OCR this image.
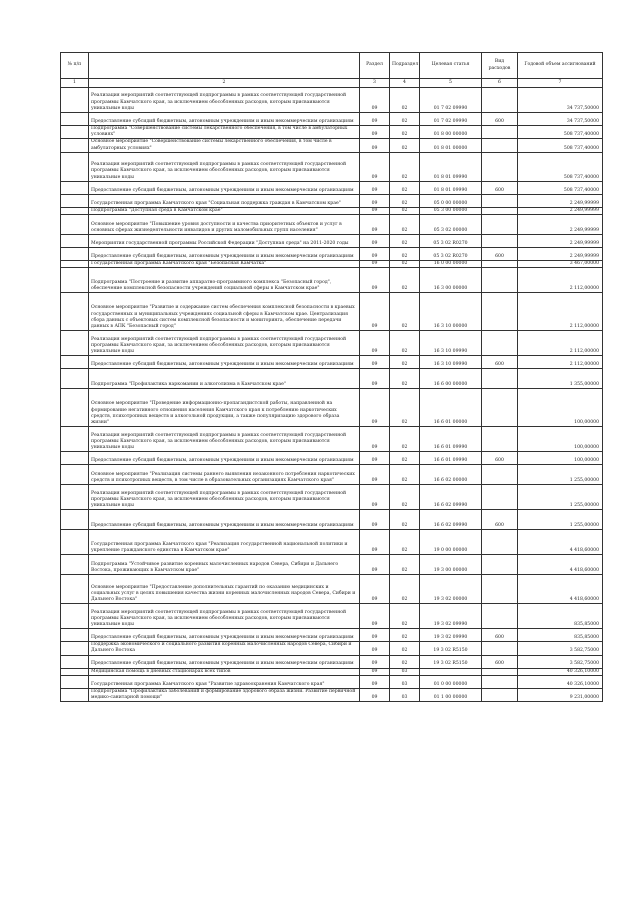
№ п/п		Раздел	Подраздел	Целевая статья	Вид расходов	Годовой объем ассигнований
1	2	3	4	5	6	7
	Реализация мероприятий соответствующей подпрограммы в рамках соответствующей государственной программы Камчатского края, за исключением обособленных расходов, которым присваиваются уникальные коды	09	02	01 7 02 09990		34 737,50000
	Предоставление субсидий бюджетным, автономным учреждениям и иным некоммерческим организациям	09	02	01 7 02 09990	600	34 737,50000
	Подпрограмма "Совершенствование системы лекарственного обеспечения, в том числе в амбулаторных условиях"	09	02	01 8 00 00000		508 737,40000
	Основное мероприятие "Совершенствование системы лекарственного обеспечения, в том числе в амбулаторных условиях"	09	02	01 8 01 00000		508 737,40000
	Реализация мероприятий соответствующей подпрограммы в рамках соответствующей государственной программы Камчатского края, за исключением обособленных расходов, которым присваиваются уникальные коды	09	02	01 8 01 09990		508 737,40000
	Предоставление субсидий бюджетным, автономным учреждениям и иным некоммерческим организациям	09	02	01 8 01 09990	600	508 737,40000
	Государственная программа Камчатского края "Социальная поддержка граждан в Камчатском крае"	09	02	05 0 00 00000		2 249,99999
	Подпрограмма "Доступная среда в Камчатском крае"	09	02	05 3 00 00000		2 249,99999
	Основное мероприятие "Повышение уровня доступности и качества приоритетных объектов и услуг в основных сферах жизнедеятельности инвалидов и других маломобильных групп населения"	09	02	05 3 02 00000		2 249,99999
	Мероприятия государственной программы Российской Федерации "Доступная среда" на 2011-2020 годы	09	02	05 3 02 R0270		2 249,99999
	Предоставление субсидий бюджетным, автономным учреждениям и иным некоммерческим организациям	09	02	05 3 02 R0270	600	2 249,99999
	Государственная программа Камчатского края "Безопасная Камчатка"	09	02	16 0 00 00000		3 467,00000
	Подпрограмма "Построение и развитие аппаратно-программного комплекса "Безопасный город", обеспечение комплексной безопасности учреждений социальной сферы в Камчатском крае"	09	02	16 3 00 00000		2 112,00000
	Основное мероприятие "Развитие и содержание систем обеспечения комплексной безопасности в краевых государственных и муниципальных учреждениях социальной сферы в Камчатском крае. Централизация сбора данных с объектовых систем комплексной безопасности и мониторинга, обеспечение передачи данных в АПК "Безопасный город"	09	02	16 3 10 00000		2 112,00000
	Реализация мероприятий соответствующей подпрограммы в рамках соответствующей государственной программы Камчатского края, за исключением обособленных расходов, которым присваиваются уникальные коды	09	02	16 3 10 09990		2 112,00000
	Предоставление субсидий бюджетным, автономным учреждениям и иным некоммерческим организациям	09	02	16 3 10 09990	600	2 112,00000
	Подпрограмма "Профилактика наркомании и алкоголизма в Камчатском крае"	09	02	16 6 00 00000		1 355,00000
	Основное мероприятие "Проведение информационно-пропагандистской работы, направленной на формирование негативного отношения населения Камчатского края к потреблению наркотических средств, психотропных веществ и алкогольной продукции, а также популяризацию здорового образа жизни"	09	02	16 6 01 00000		100,00000
	Реализация мероприятий соответствующей подпрограммы в рамках соответствующей государственной программы Камчатского края, за исключением обособленных расходов, которым присваиваются уникальные коды	09	02	16 6 01 09990		100,00000
	Предоставление субсидий бюджетным, автономным учреждениям и иным некоммерческим организациям	09	02	16 6 01 09990	600	100,00000
	Основное мероприятие "Реализация системы раннего выявления незаконного потребления наркотических средств и психотропных веществ, в том числе в образовательных организациях Камчатского края"	09	02	16 6 02 00000		1 255,00000
	Реализация мероприятий соответствующей подпрограммы в рамках соответствующей государственной программы Камчатского края, за исключением обособленных расходов, которым присваиваются уникальные коды	09	02	16 6 02 09990		1 255,00000
	Предоставление субсидий бюджетным, автономным учреждениям и иным некоммерческим организациям	09	02	16 6 02 09990	600	1 255,00000
	Государственная программа Камчатского края "Реализация государственной национальной политики и укрепление гражданского единства в Камчатском крае"	09	02	19 0 00 00000		4 418,60000
	Подпрограмма "Устойчивое развитие коренных малочисленных народов Севера, Сибири и Дальнего Востока, проживающих в Камчатском крае"	09	02	19 3 00 00000		4 418,60000
	Основное мероприятие "Предоставление дополнительных гарантий по оказанию медицинских и социальных услуг в целях повышения качества жизни коренных малочисленных народов Севера, Сибири и Дальнего Востока"	09	02	19 3 02 00000		4 418,60000
	Реализация мероприятий соответствующей подпрограммы в рамках соответствующей государственной программы Камчатского края, за исключением обособленных расходов, которым присваиваются уникальные коды	09	02	19 3 02 09990		835,85000
	Предоставление субсидий бюджетным, автономным учреждениям и иным некоммерческим организациям	09	02	19 3 02 09990	600	835,85000
	Поддержка экономического и социального развития коренных малочисленных народов Севера, Сибири и Дальнего Востока	09	02	19 3 02 R5150		3 582,75000
	Предоставление субсидий бюджетным, автономным учреждениям и иным некоммерческим организациям	09	02	19 3 02 R5150	600	3 582,75000
	Медицинская помощь в дневных стационарах всех типов	09	03			40 326,10000
	Государственная программа Камчатского края "Развитие здравоохранения Камчатского края"	09	03	01 0 00 00000		40 326,10000
	Подпрограмма "Профилактика заболеваний и формирование здорового образа жизни. Развитие первичной медико-санитарной помощи"	09	03	01 1 00 00000		9 231,00000
